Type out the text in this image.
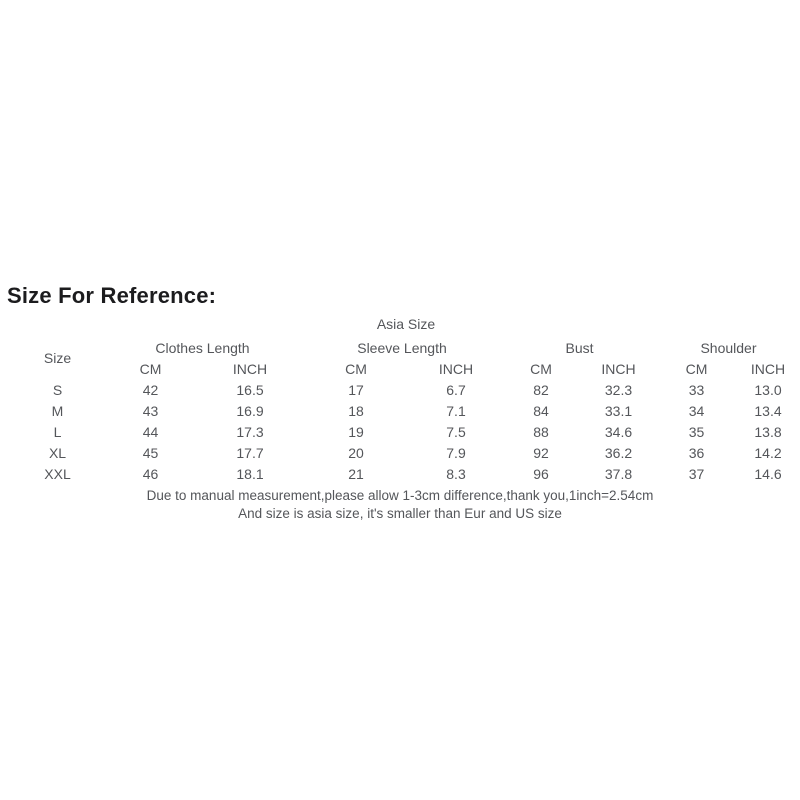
Size For Reference:
Asia Size								
Size	Clothes Length		Sleeve Length		Bust		Shoulder	
	CM	INCH	CM	INCH	CM	INCH	CM	INCH
S	42	16.5	17	6.7	82	32.3	33	13.0
M	43	16.9	18	7.1	84	33.1	34	13.4
L	44	17.3	19	7.5	88	34.6	35	13.8
XL	45	17.7	20	7.9	92	36.2	36	14.2
XXL	46	18.1	21	8.3	96	37.8	37	14.6
Due to manual measurement,please allow 1-3cm difference,thank you,1inch=2.54cm
And size is asia size, it's smaller than Eur and US size
